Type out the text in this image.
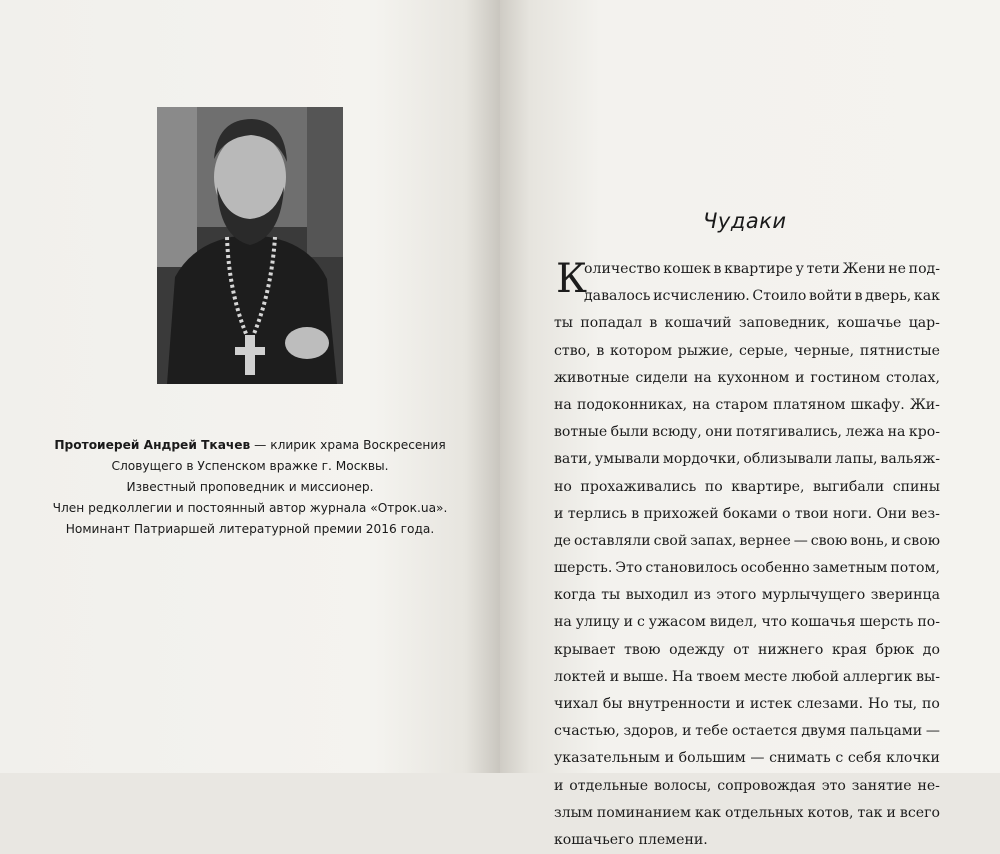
Протоиерей Андрей Ткачев — клирик храма Воскресения

Словущего в Успенском вражке г. Москвы.

Известный проповедник и миссионер.

Член редколлегии и постоянный автор журнала «Отрок.ua».

Номинант Патриаршей литературной премии 2016 года.

Чудаки
К
оличество кошек в квартире у тети Жени не под-
давалось исчислению. Стоило войти в дверь, как
ты попадал в кошачий заповедник, кошачье цар-
ство, в котором рыжие, серые, черные, пятнистые
животные сидели на кухонном и гостином столах,
на подоконниках, на старом платяном шкафу. Жи-
вотные были всюду, они потягивались, лежа на кро-
вати, умывали мордочки, облизывали лапы, вальяж-
но прохаживались по квартире, выгибали спины
и терлись в прихожей боками о твои ноги. Они вез-
де оставляли свой запах, вернее — свою вонь, и свою
шерсть. Это становилось особенно заметным потом,
когда ты выходил из этого мурлычущего зверинца
на улицу и с ужасом видел, что кошачья шерсть по-
крывает твою одежду от нижнего края брюк до
локтей и выше. На твоем месте любой аллергик вы-
чихал бы внутренности и истек слезами. Но ты, по
счастью, здоров, и тебе остается двумя пальцами —
указательным и большим — снимать с себя клочки
и отдельные волосы, сопровождая это занятие не-
злым поминанием как отдельных котов, так и всего
кошачьего племени.
